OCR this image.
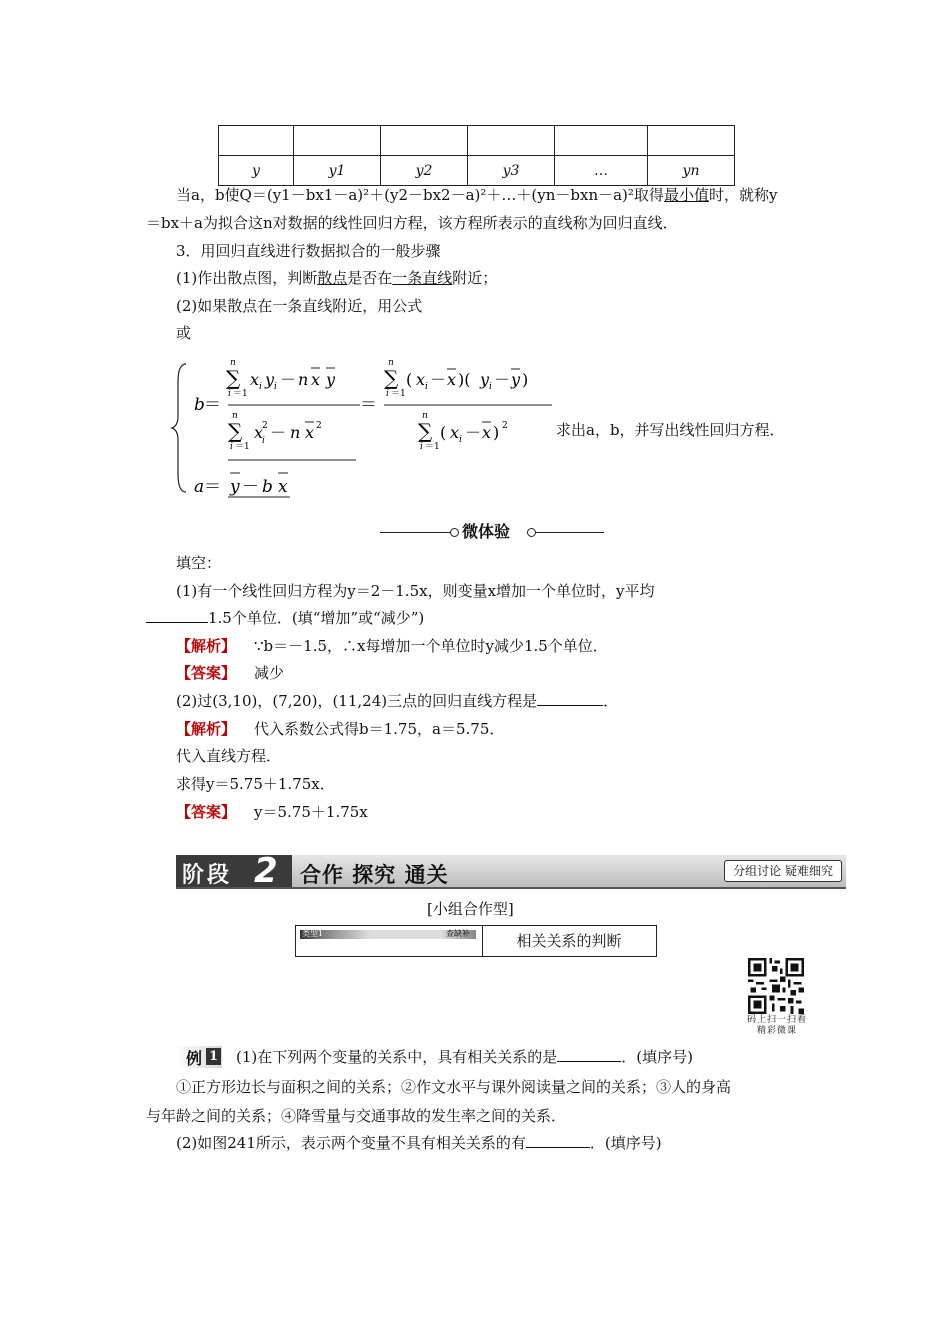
y	y1	y2	y3	…	yn
当a，b使Q＝(y1－bx1－a)²＋(y2－bx2－a)²＋…＋(yn－bxn－a)²取得最小值时，就称y
＝bx＋a为拟合这n对数据的线性回归方程，该方程所表示的直线称为回归直线．
3．用回归直线进行数据拟合的一般步骤
(1)作出散点图，判断散点是否在一条直线附近；
(2)如果散点在一条直线附近，用公式
或
b ＝
n
∑
i ＝1
x i y i － n x y
n
∑
i ＝1
x
2
i － n x 2
＝
n
∑
i ＝1
( x i － x )( y i － y )
n
∑
i ＝1
( x i － x ) 2
a ＝ y － b x
求出a，b，并写出线性回归方程．
微体验
填空：
(1)有一个线性回归方程为y＝2－1.5x，则变量x增加一个单位时，y平均
1.5个单位．(填“增加”或“减少”)
【解析】 ∵b＝－1.5，∴x每增加一个单位时y减少1.5个单位．
【答案】 减少
(2)过(3,10)，(7,20)，(11,24)三点的回归直线方程是	．
【解析】 代入系数公式得b＝1.75，a＝5.75．
代入直线方程．
求得y＝5.75＋1.75x．
【答案】 y＝5.75＋1.75x
阶段 2 合作 探究 通关	分组讨论 疑难细究
[小组合作型]
类型1	查缺补	相关关系的判断
码上扫一扫看精彩微课
例 1 (1)在下列两个变量的关系中，具有相关关系的是	．(填序号)
①正方形边长与面积之间的关系；②作文水平与课外阅读量之间的关系；③人的身高
与年龄之间的关系；④降雪量与交通事故的发生率之间的关系．
(2)如图241所示，表示两个变量不具有相关关系的有	．(填序号)
